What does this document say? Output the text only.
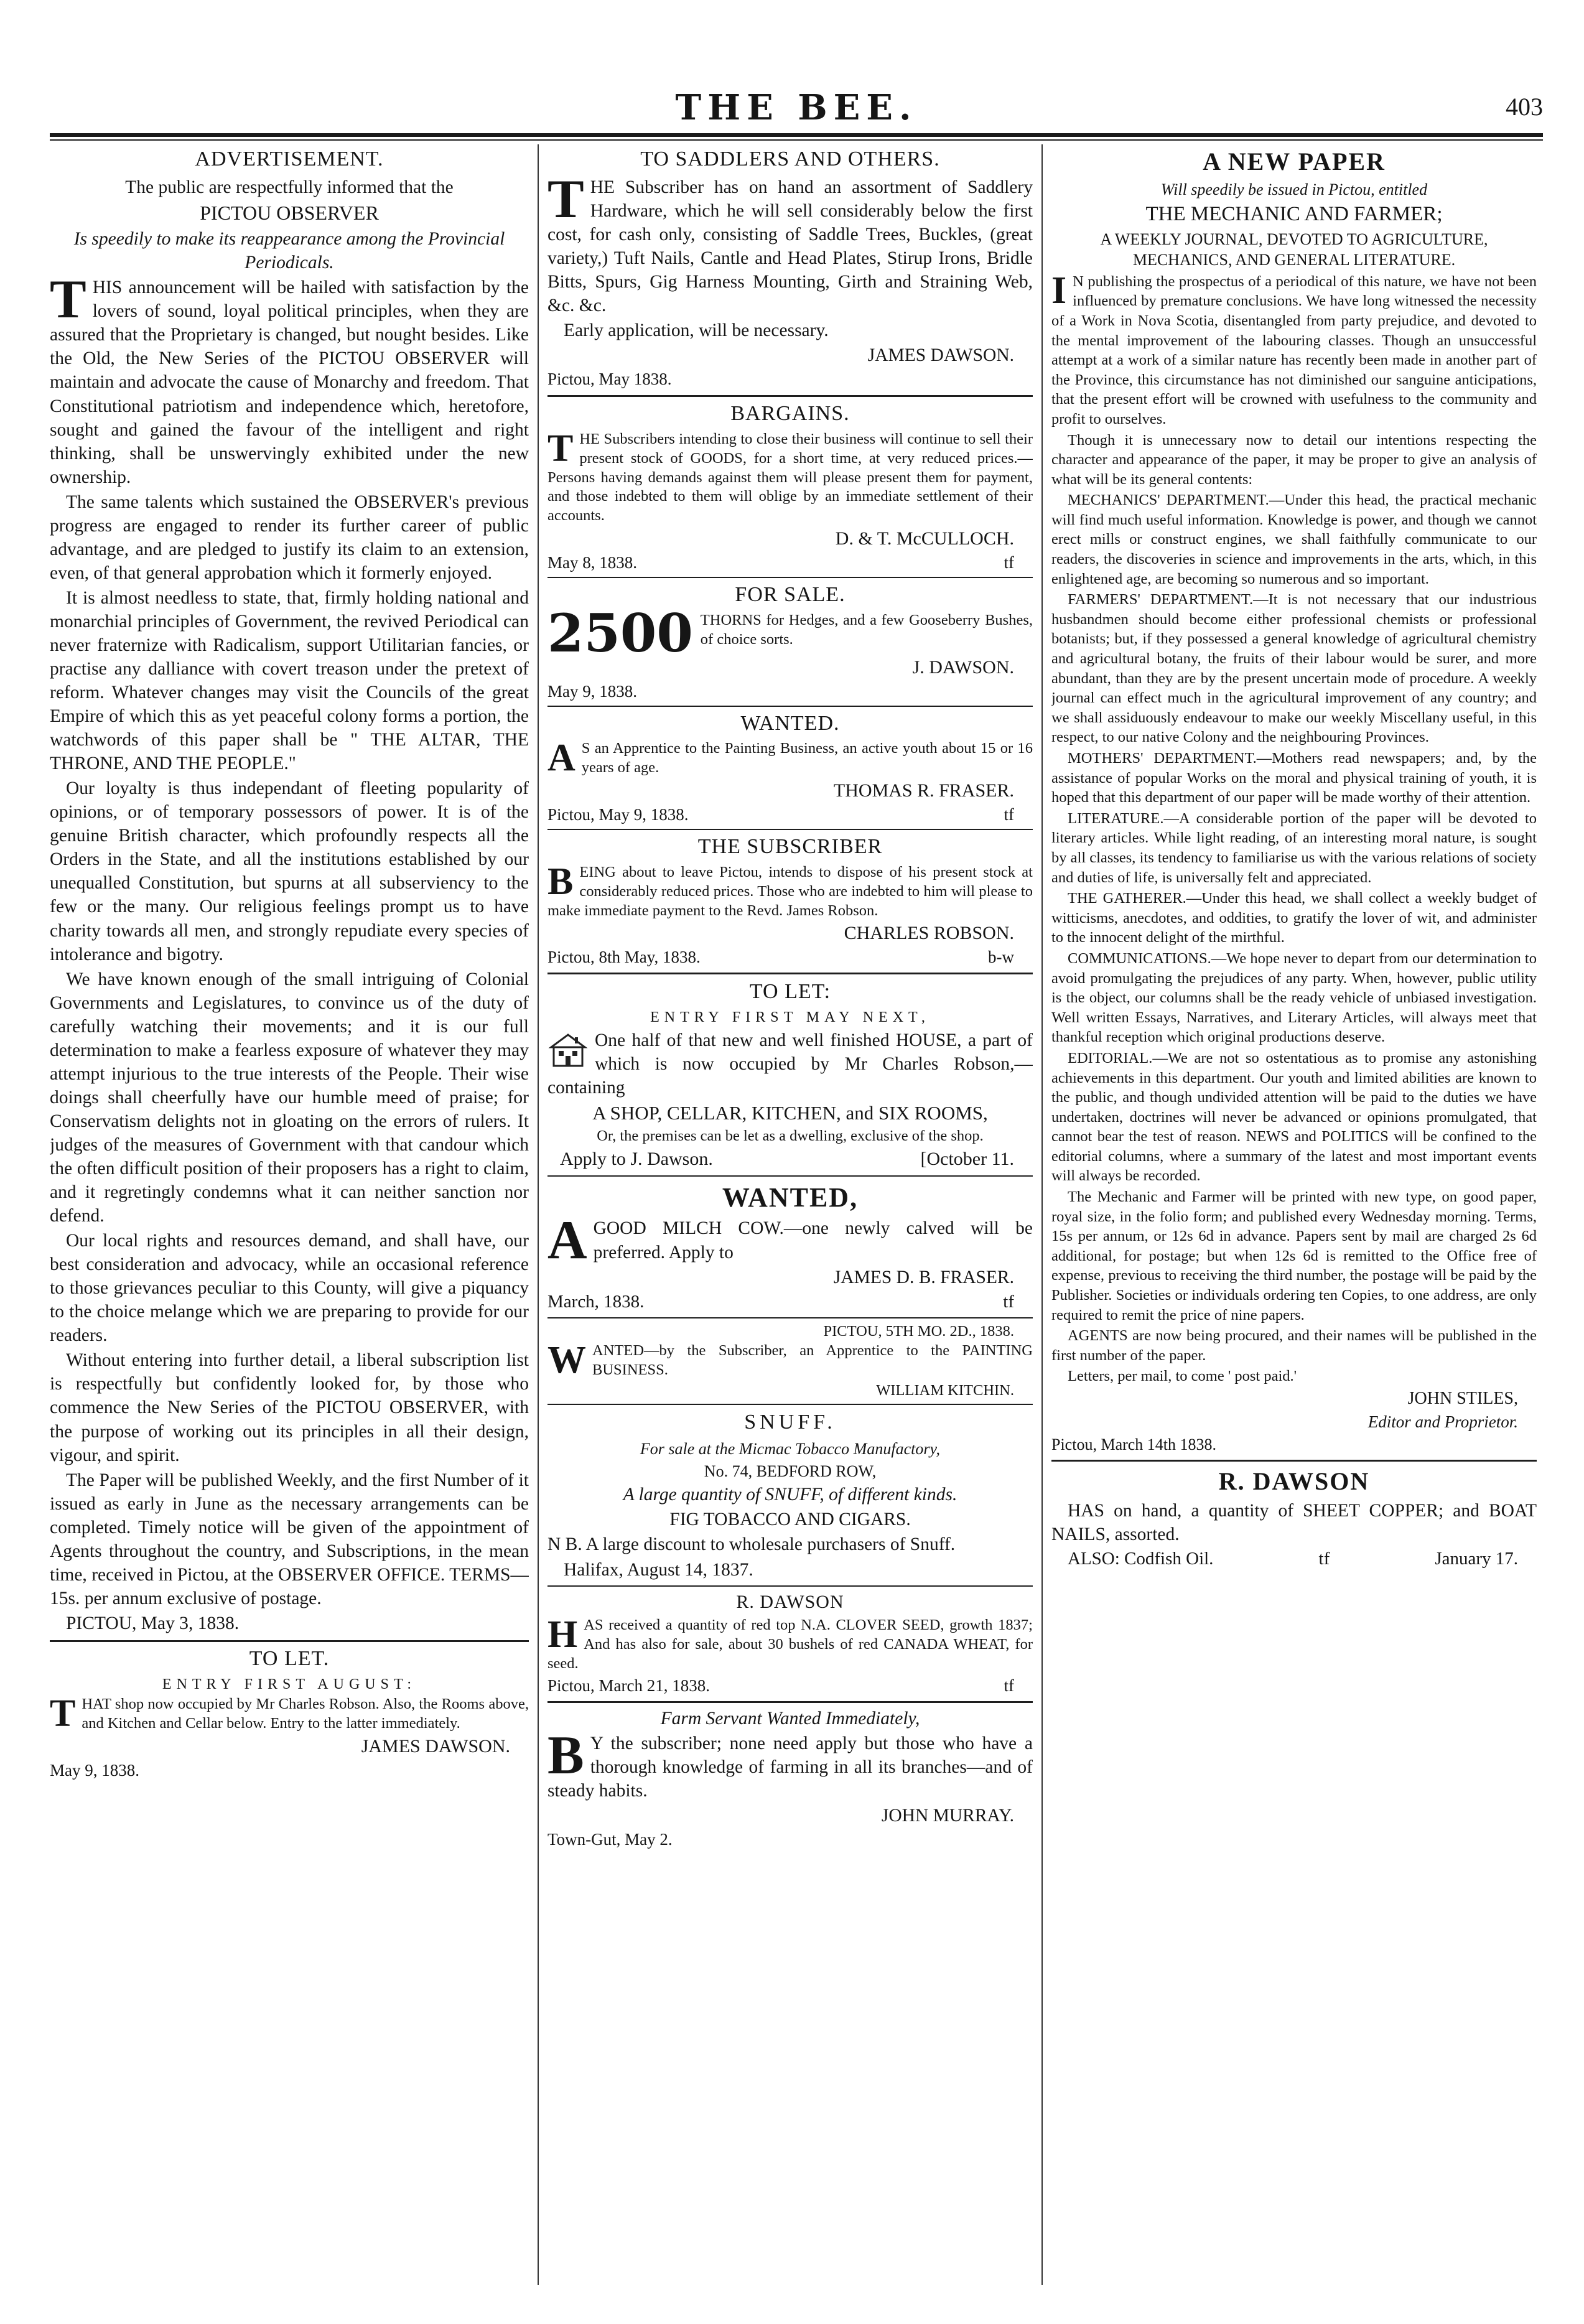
THE BEE.	403
ADVERTISEMENT.
The public are respectfully informed that the
PICTOU OBSERVER
Is speedily to make its reappearance among the Provincial Periodicals.

THIS announcement will be hailed with satisfaction by the lovers of sound, loyal political principles, when they are assured that the Proprietary is changed, but nought besides. Like the Old, the New Series of the PICTOU OBSERVER will maintain and advocate the cause of Monarchy and freedom. That Constitutional patriotism and independence which, heretofore, sought and gained the favour of the intelligent and right thinking, shall be unswervingly exhibited under the new ownership.

The same talents which sustained the OBSERVER's previous progress are engaged to render its further career of public advantage, and are pledged to justify its claim to an extension, even, of that general approbation which it formerly enjoyed.

It is almost needless to state, that, firmly holding national and monarchial principles of Government, the revived Periodical can never fraternize with Radicalism, support Utilitarian fancies, or practise any dalliance with covert treason under the pretext of reform. Whatever changes may visit the Councils of the great Empire of which this as yet peaceful colony forms a portion, the watchwords of this paper shall be " THE ALTAR, THE THRONE, AND THE PEOPLE."

Our loyalty is thus independant of fleeting popularity of opinions, or of temporary possessors of power. It is of the genuine British character, which profoundly respects all the Orders in the State, and all the institutions established by our unequalled Constitution, but spurns at all subserviency to the few or the many. Our religious feelings prompt us to have charity towards all men, and strongly repudiate every species of intolerance and bigotry.

We have known enough of the small intriguing of Colonial Governments and Legislatures, to convince us of the duty of carefully watching their movements; and it is our full determination to make a fearless exposure of whatever they may attempt injurious to the true interests of the People. Their wise doings shall cheerfully have our humble meed of praise; for Conservatism delights not in gloating on the errors of rulers. It judges of the measures of Government with that candour which the often difficult position of their proposers has a right to claim, and it regretingly condemns what it can neither sanction nor defend.

Our local rights and resources demand, and shall have, our best consideration and advocacy, while an occasional reference to those grievances peculiar to this County, will give a piquancy to the choice melange which we are preparing to provide for our readers.

Without entering into further detail, a liberal subscription list is respectfully but confidently looked for, by those who commence the New Series of the PICTOU OBSERVER, with the purpose of working out its principles in all their design, vigour, and spirit.

The Paper will be published Weekly, and the first Number of it issued as early in June as the necessary arrangements can be completed. Timely notice will be given of the appointment of Agents throughout the country, and Subscriptions, in the mean time, received in Pictou, at the OBSERVER OFFICE. TERMS—15s. per annum exclusive of postage.

PICTOU, May 3, 1838.

TO LET.
ENTRY FIRST AUGUST:

THAT shop now occupied by Mr Charles Robson. Also, the Rooms above, and Kitchen and Cellar below. Entry to the latter immediately.

JAMES DAWSON.
May 9, 1838.
TO SADDLERS AND OTHERS.

THE Subscriber has on hand an assortment of Saddlery Hardware, which he will sell considerably below the first cost, for cash only, consisting of Saddle Trees, Buckles, (great variety,) Tuft Nails, Cantle and Head Plates, Stirup Irons, Bridle Bitts, Spurs, Gig Harness Mounting, Girth and Straining Web, &c. &c.

Early application, will be necessary.

JAMES DAWSON.
Pictou, May 1838.
BARGAINS.

THE Subscribers intending to close their business will continue to sell their present stock of GOODS, for a short time, at very reduced prices.—Persons having demands against them will please present them for payment, and those indebted to them will oblige by an immediate settlement of their accounts.

D. & T. McCULLOCH.
May 8, 1838.	tf
FOR SALE.
2500 THORNS for Hedges, and a few Gooseberry Bushes, of choice sorts.

J. DAWSON.
May 9, 1838.
WANTED.

A S an Apprentice to the Painting Business, an active youth about 15 or 16 years of age.

THOMAS R. FRASER.
Pictou, May 9, 1838.	tf
THE SUBSCRIBER

BEING about to leave Pictou, intends to dispose of his present stock at considerably reduced prices. Those who are indebted to him will please to make immediate payment to the Revd. James Robson.

CHARLES ROBSON.
Pictou, 8th May, 1838.	b-w
TO LET:
ENTRY FIRST MAY NEXT,

One half of that new and well finished HOUSE, a part of which is now occupied by Mr Charles Robson,—containing

A SHOP, CELLAR, KITCHEN, and SIX ROOMS,
Or, the premises can be let as a dwelling, exclusive of the shop.
Apply to J. Dawson.	[October 11.
WANTED,

AGOOD MILCH COW.—one newly calved will be preferred. Apply to

JAMES D. B. FRASER.
March, 1838.	tf
PICTOU, 5TH MO. 2D., 1838.

WANTED—by the Subscriber, an Apprentice to the PAINTING BUSINESS.

WILLIAM KITCHIN.
SNUFF.
For sale at the Micmac Tobacco Manufactory,
No. 74, BEDFORD ROW,
A large quantity of SNUFF, of different kinds.
FIG TOBACCO AND CIGARS.

N B. A large discount to wholesale purchasers of Snuff.

Halifax, August 14, 1837.

R. DAWSON

HAS received a quantity of red top N.A. CLOVER SEED, growth 1837; And has also for sale, about 30 bushels of red CANADA WHEAT, for seed.

Pictou, March 21, 1838.	tf
Farm Servant Wanted Immediately,

B Y the subscriber; none need apply but those who have a thorough knowledge of farming in all its branches—and of steady habits.

JOHN MURRAY.
Town-Gut, May 2.
A NEW PAPER
Will speedily be issued in Pictou, entitled
THE MECHANIC AND FARMER;
A WEEKLY JOURNAL, DEVOTED TO AGRICULTURE, MECHANICS, AND GENERAL LITERATURE.

I N publishing the prospectus of a periodical of this nature, we have not been influenced by premature conclusions. We have long witnessed the necessity of a Work in Nova Scotia, disentangled from party prejudice, and devoted to the mental improvement of the labouring classes. Though an unsuccessful attempt at a work of a similar nature has recently been made in another part of the Province, this circumstance has not diminished our sanguine anticipations, that the present effort will be crowned with usefulness to the community and profit to ourselves.

Though it is unnecessary now to detail our intentions respecting the character and appearance of the paper, it may be proper to give an analysis of what will be its general contents:

MECHANICS' DEPARTMENT.—Under this head, the practical mechanic will find much useful information. Knowledge is power, and though we cannot erect mills or construct engines, we shall faithfully communicate to our readers, the discoveries in science and improvements in the arts, which, in this enlightened age, are becoming so numerous and so important.

FARMERS' DEPARTMENT.—It is not necessary that our industrious husbandmen should become either professional chemists or professional botanists; but, if they possessed a general knowledge of agricultural chemistry and agricultural botany, the fruits of their labour would be surer, and more abundant, than they are by the present uncertain mode of procedure. A weekly journal can effect much in the agricultural improvement of any country; and we shall assiduously endeavour to make our weekly Miscellany useful, in this respect, to our native Colony and the neighbouring Provinces.

MOTHERS' DEPARTMENT.—Mothers read newspapers; and, by the assistance of popular Works on the moral and physical training of youth, it is hoped that this department of our paper will be made worthy of their attention.

LITERATURE.—A considerable portion of the paper will be devoted to literary articles. While light reading, of an interesting moral nature, is sought by all classes, its tendency to familiarise us with the various relations of society and duties of life, is universally felt and appreciated.

THE GATHERER.—Under this head, we shall collect a weekly budget of witticisms, anecdotes, and oddities, to gratify the lover of wit, and administer to the innocent delight of the mirthful.

COMMUNICATIONS.—We hope never to depart from our determination to avoid promulgating the prejudices of any party. When, however, public utility is the object, our columns shall be the ready vehicle of unbiased investigation. Well written Essays, Narratives, and Literary Articles, will always meet that thankful reception which original productions deserve.

EDITORIAL.—We are not so ostentatious as to promise any astonishing achievements in this department. Our youth and limited abilities are known to the public, and though undivided attention will be paid to the duties we have undertaken, doctrines will never be advanced or opinions promulgated, that cannot bear the test of reason. NEWS and POLITICS will be confined to the editorial columns, where a summary of the latest and most important events will always be recorded.

The Mechanic and Farmer will be printed with new type, on good paper, royal size, in the folio form; and published every Wednesday morning. Terms, 15s per annum, or 12s 6d in advance. Papers sent by mail are charged 2s 6d additional, for postage; but when 12s 6d is remitted to the Office free of expense, previous to receiving the third number, the postage will be paid by the Publisher. Societies or individuals ordering ten Copies, to one address, are only required to remit the price of nine papers.

AGENTS are now being procured, and their names will be published in the first number of the paper.

Letters, per mail, to come ' post paid.'

JOHN STILES,
Editor and Proprietor.
Pictou, March 14th 1838.
R. DAWSON

HAS on hand, a quantity of SHEET COPPER; and BOAT NAILS, assorted.

ALSO: Codfish Oil.	tf	January 17.
